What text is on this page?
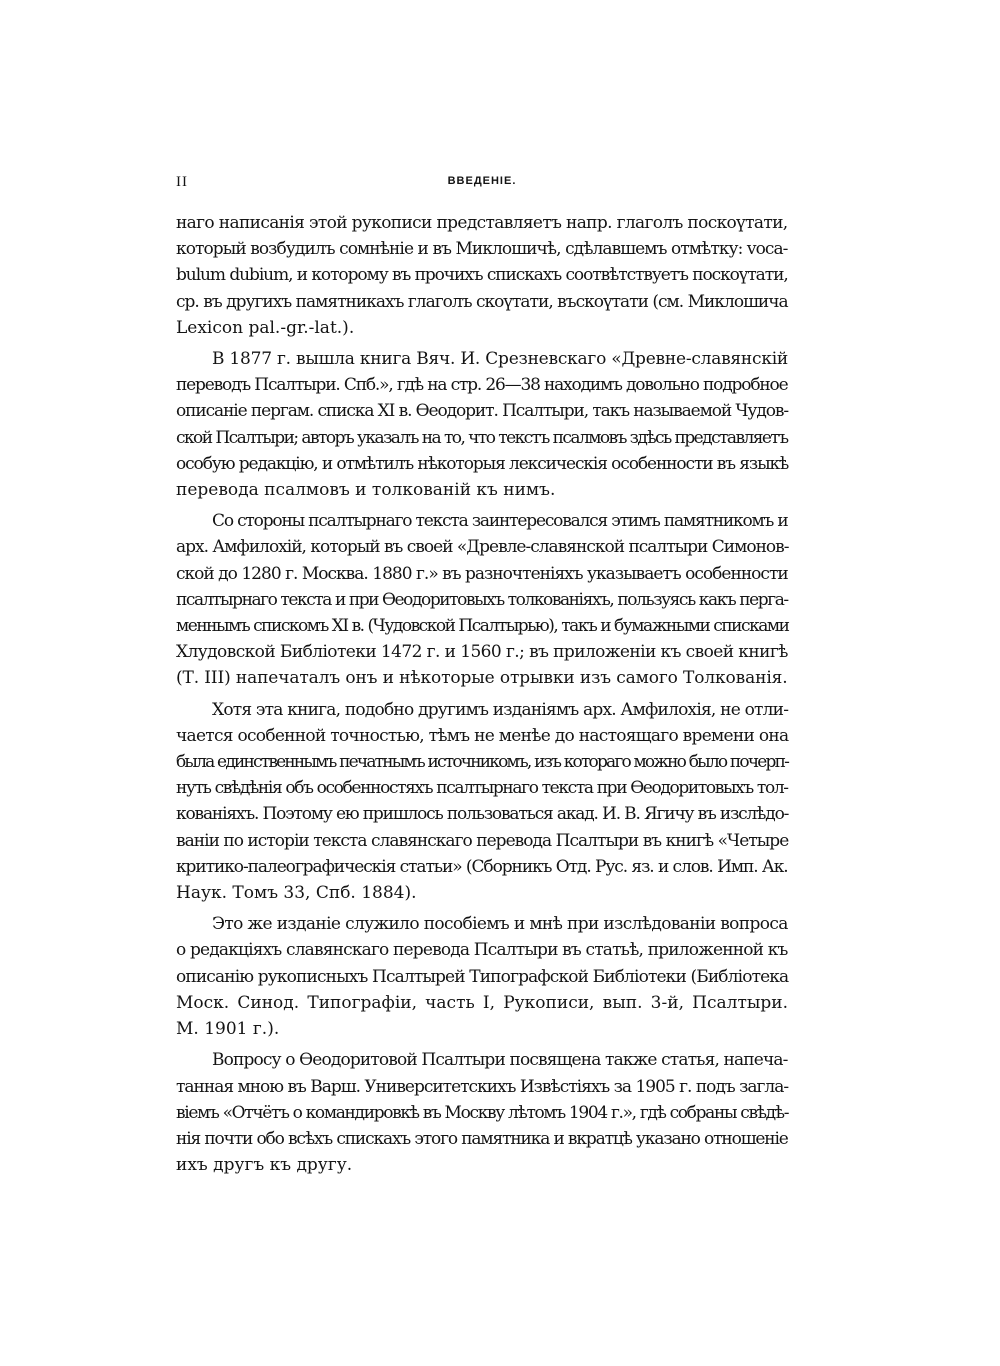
II	ВВЕДЕНІЕ.
наго написанія этой рукописи представляетъ напр. глаголъ поскоүтати,
который возбудилъ сомнѣніе и въ Миклошичѣ, сдѣлавшемъ отмѣтку: voca-
bulum dubium, и которому въ прочихъ спискахъ соотвѣтствуетъ поскоүтати,
ср. въ другихъ памятникахъ глаголъ скоүтати, въскоүтати (см. Миклошича
Lexicon pal.-gr.-lat.).
В 1877 г. вышла книга Вяч. И. Срезневскаго «Древне-славянскій
переводъ Псалтыри. Спб.», гдѣ на стр. 26—38 находимъ довольно подробное
описаніе пергам. списка XI в. Ѳеодорит. Псалтыри, такъ называемой Чудов-
ской Псалтыри; авторъ указалъ на то, что текстъ псалмовъ здѣсь представляетъ
особую редакцію, и отмѣтилъ нѣкоторыя лексическія особенности въ языкѣ
перевода псалмовъ и толкованій къ нимъ.
Со стороны псалтырнаго текста заинтересовался этимъ памятникомъ и
арх. Амфилохій, который въ своей «Древле-славянской псалтыри Симонов-
ской до 1280 г. Москва. 1880 г.» въ разночтеніяхъ указываетъ особенности
псалтырнаго текста и при Ѳеодоритовыхъ толкованіяхъ, пользуясь какъ перга-
меннымъ спискомъ XI в. (Чудовской Псалтырью), такъ и бумажными списками
Хлудовской Библіотеки 1472 г. и 1560 г.; въ приложеніи къ своей книгѣ
(Т. III) напечаталъ онъ и нѣкоторые отрывки изъ самого Толкованія.
Хотя эта книга, подобно другимъ изданіямъ арх. Амфилохія, не отли-
чается особенной точностью, тѣмъ не менѣе до настоящаго времени она
была единственнымъ печатнымъ источникомъ, изъ котораго можно было почерп-
нуть свѣдѣнія объ особенностяхъ псалтырнаго текста при Ѳеодоритовыхъ тол-
кованіяхъ. Поэтому ею пришлось пользоваться акад. И. В. Ягичу въ изслѣдо-
ваніи по исторіи текста славянскаго перевода Псалтыри въ книгѣ «Четыре
критико-палеографическія статьи» (Сборникъ Отд. Рус. яз. и слов. Имп. Ак.
Наук. Томъ 33, Спб. 1884).
Это же изданіе служило пособіемъ и мнѣ при изслѣдованіи вопроса
о редакціяхъ славянскаго перевода Псалтыри въ статьѣ, приложенной къ
описанію рукописныхъ Псалтырей Типографской Библіотеки (Библіотека
Моск. Синод. Типографіи, часть I, Рукописи, вып. 3-й, Псалтыри.
М. 1901 г.).
Вопросу о Ѳеодоритовой Псалтыри посвящена также статья, напеча-
танная мною въ Варш. Университетскихъ Извѣстіяхъ за 1905 г. подъ загла-
віемъ «Отчётъ о командировкѣ въ Москву лѣтомъ 1904 г.», гдѣ собраны свѣдѣ-
нія почти обо всѣхъ спискахъ этого памятника и вкратцѣ указано отношеніе
ихъ другъ къ другу.
